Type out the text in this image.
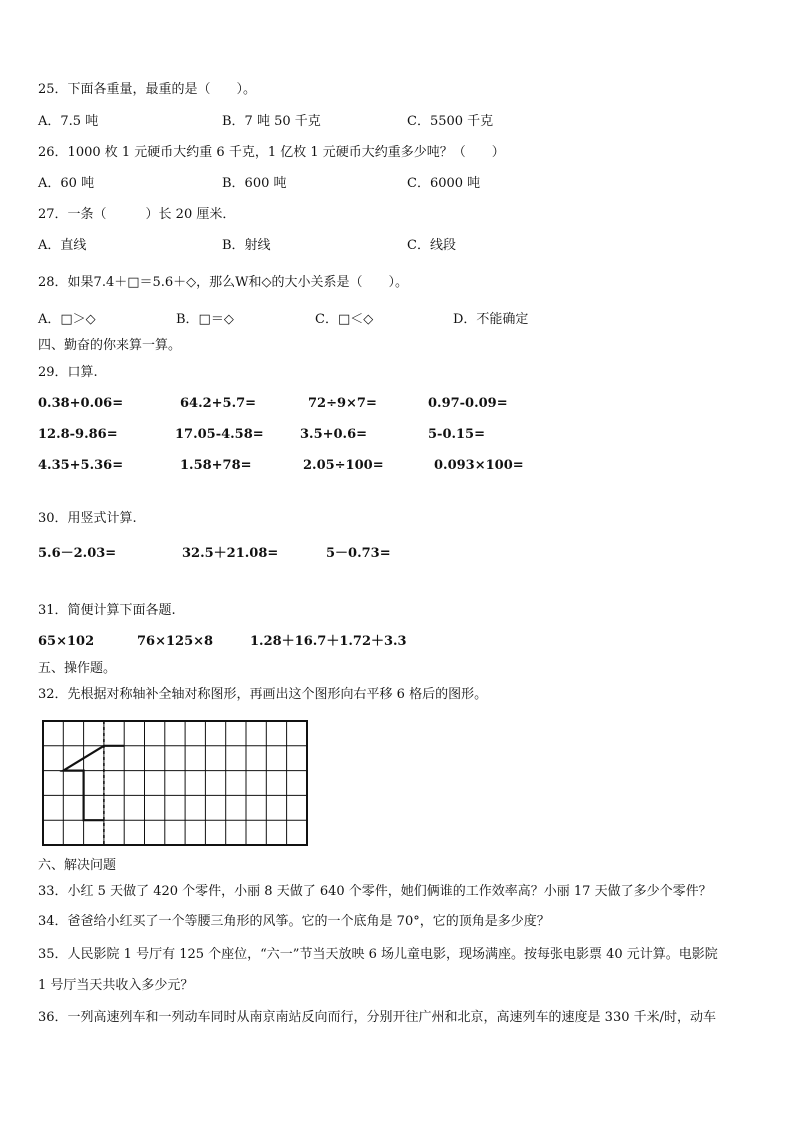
25．下面各重量，最重的是（　　）。
A．7.5 吨	B．7 吨 50 千克	C．5500 千克
26．1000 枚 1 元硬币大约重 6 千克，1 亿枚 1 元硬币大约重多少吨？（　　）
A．60 吨	B．600 吨	C．6000 吨
27．一条（　　　）长 20 厘米．
A．直线	B．射线	C．线段
28．如果7.4＋□＝5.6＋◇，那么W和◇的大小关系是（　　）。
A．□＞◇	B．□＝◇	C．□＜◇	D．不能确定
四、勤奋的你来算一算。
29．口算.
0.38+0.06=	64.2+5.7=	72÷9×7=	0.97-0.09=
12.8-9.86=	17.05-4.58=	3.5+0.6=	5-0.15=
4.35+5.36=	1.58+78=	2.05÷100=	0.093×100=
30．用竖式计算.
5.6－2.03=	32.5＋21.08=	5－0.73=
31．简便计算下面各题.
65×102	76×125×8	1.28＋16.7＋1.72＋3.3
五、操作题。
32．先根据对称轴补全轴对称图形，再画出这个图形向右平移 6 格后的图形。
六、解决问题
33．小红 5 天做了 420 个零件，小丽 8 天做了 640 个零件，她们俩谁的工作效率高？小丽 17 天做了多少个零件？
34．爸爸给小红买了一个等腰三角形的风筝。它的一个底角是 70°，它的顶角是多少度？
35．人民影院 1 号厅有 125 个座位，“六一”节当天放映 6 场儿童电影，现场满座。按每张电影票 40 元计算。电影院
1 号厅当天共收入多少元？
36．一列高速列车和一列动车同时从南京南站反向而行，分别开往广州和北京，高速列车的速度是 330 千米/时，动车
